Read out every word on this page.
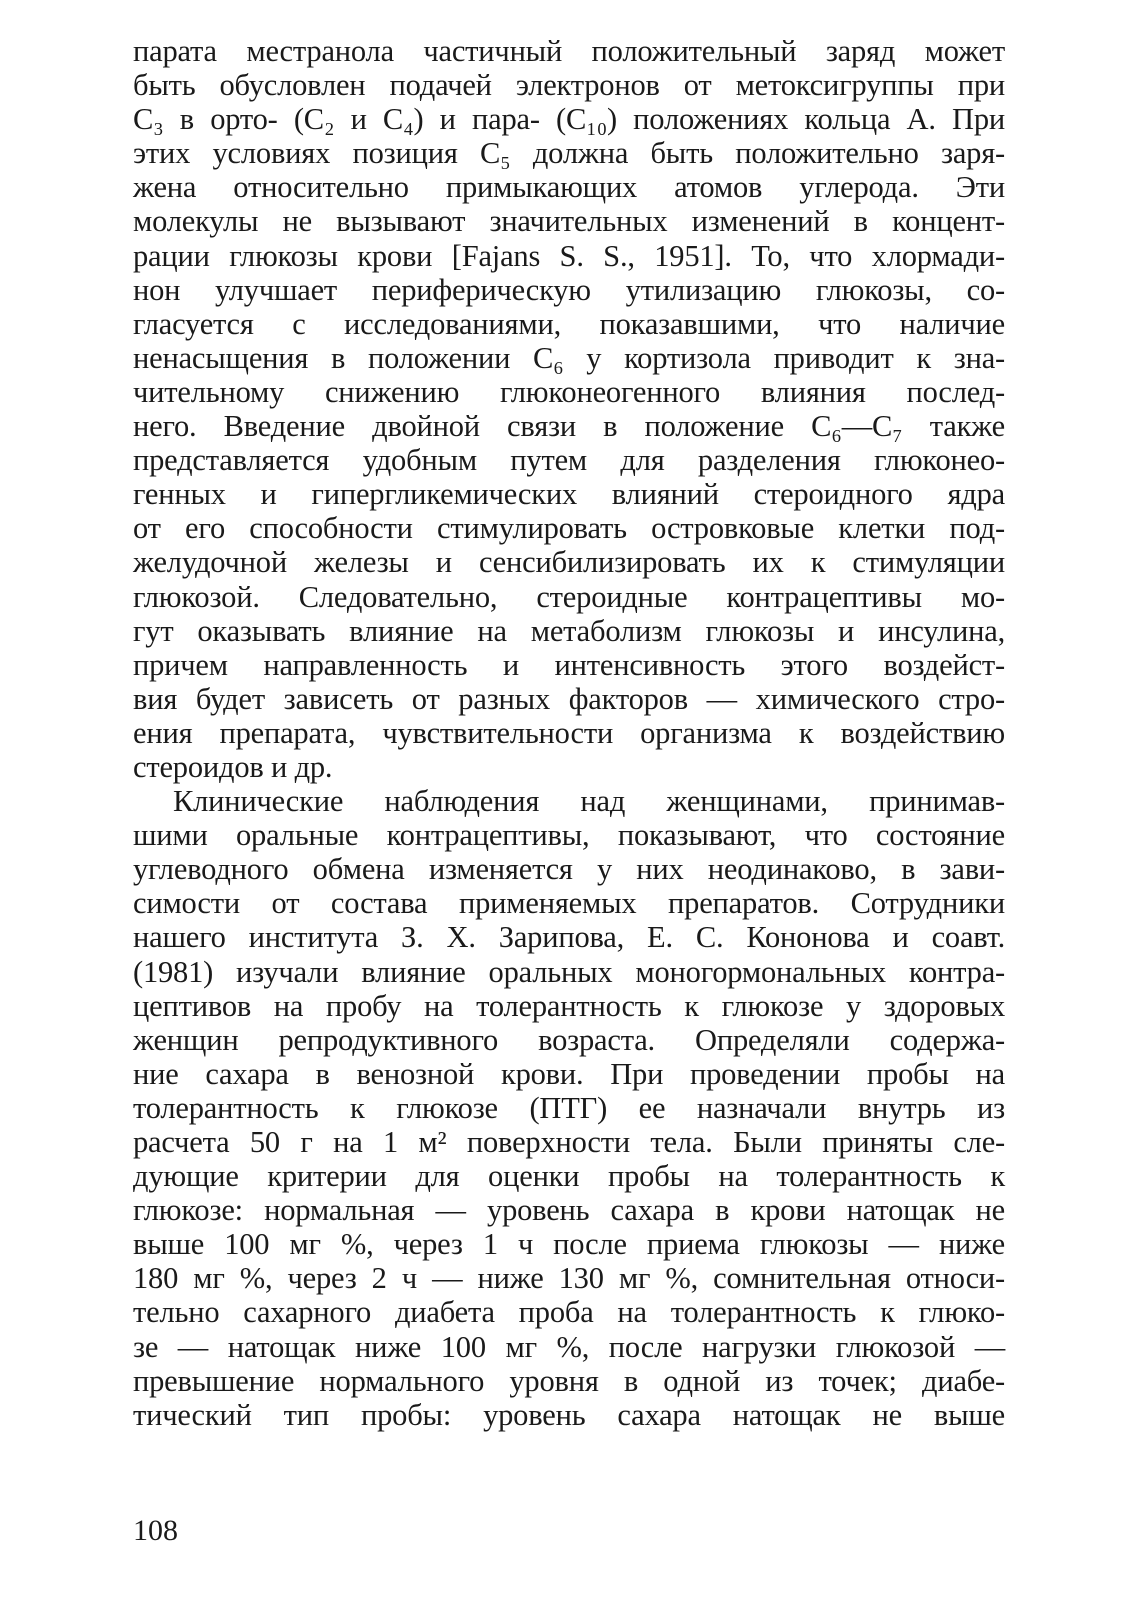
парата местранола частичный положительный заряд может
быть обусловлен подачей электронов от метоксигруппы при
C₃ в орто- (C₂ и C₄) и пара- (C₁₀) положениях кольца A. При
этих условиях позиция C₅ должна быть положительно заря-
жена относительно примыкающих атомов углерода. Эти
молекулы не вызывают значительных изменений в концент-
рации глюкозы крови [Fajans S. S., 1951]. То, что хлормади-
нон улучшает периферическую утилизацию глюкозы, со-
гласуется с исследованиями, показавшими, что наличие
ненасыщения в положении C₆ у кортизола приводит к зна-
чительному снижению глюконеогенного влияния послед-
него. Введение двойной связи в положение C₆—C₇ также
представляется удобным путем для разделения глюконео-
генных и гипергликемических влияний стероидного ядра
от его способности стимулировать островковые клетки под-
желудочной железы и сенсибилизировать их к стимуляции
глюкозой. Следовательно, стероидные контрацептивы мо-
гут оказывать влияние на метаболизм глюкозы и инсулина,
причем направленность и интенсивность этого воздейст-
вия будет зависеть от разных факторов — химического стро-
ения препарата, чувствительности организма к воздействию
стероидов и др.
Клинические наблюдения над женщинами, принимав-
шими оральные контрацептивы, показывают, что состояние
углеводного обмена изменяется у них неодинаково, в зави-
симости от состава применяемых препаратов. Сотрудники
нашего института З. Х. Зарипова, Е. С. Кононова и соавт.
(1981) изучали влияние оральных моногормональных контра-
цептивов на пробу на толерантность к глюкозе у здоровых
женщин репродуктивного возраста. Определяли содержа-
ние сахара в венозной крови. При проведении пробы на
толерантность к глюкозе (ПТГ) ее назначали внутрь из
расчета 50 г на 1 м² поверхности тела. Были приняты сле-
дующие критерии для оценки пробы на толерантность к
глюкозе: нормальная — уровень сахара в крови натощак не
выше 100 мг %, через 1 ч после приема глюкозы — ниже
180 мг %, через 2 ч — ниже 130 мг %, сомнительная относи-
тельно сахарного диабета проба на толерантность к глюко-
зе — натощак ниже 100 мг %, после нагрузки глюкозой —
превышение нормального уровня в одной из точек; диабе-
тический тип пробы: уровень сахара натощак не выше
108
